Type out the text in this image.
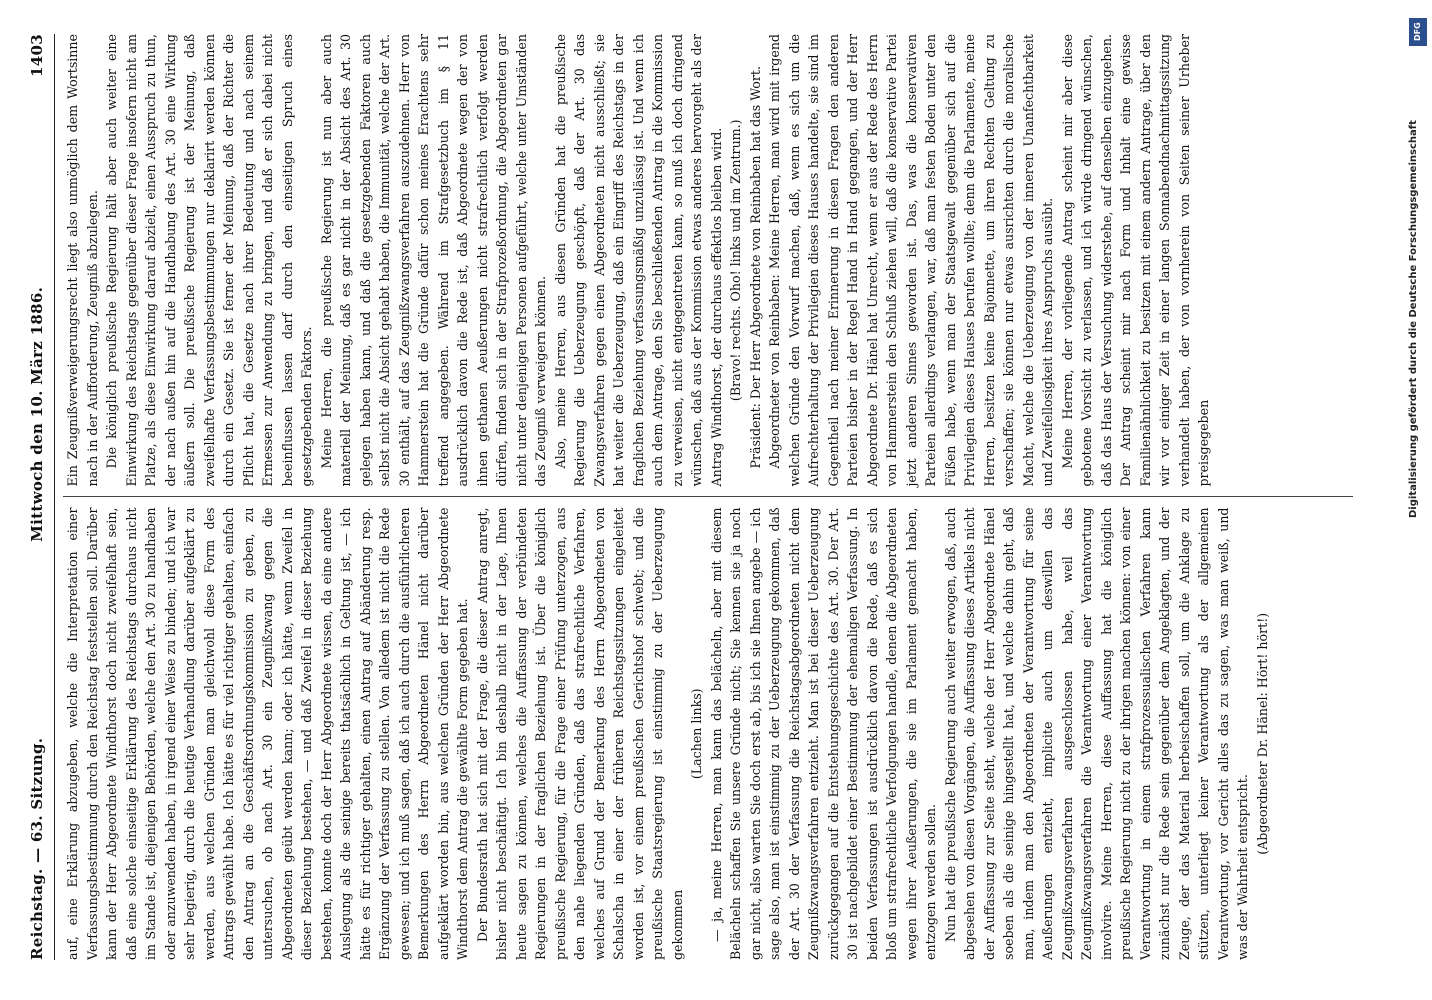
Reichstag. — 63. Sitzung.
Mittwoch den 10. März 1886.
1403

auf, eine Erklärung abzugeben, welche die Interpretation einer Verfassungsbestimmung durch den Reichstag feststellen soll. Darüber kann der Herr Abgeordnete Windthorst doch nicht zweifelhaft sein, daß eine solche einseitige Erklärung des Reichstags durchaus nicht im Stande ist, diejenigen Behörden, welche den Art. 30 zu handhaben oder anzuwenden haben, in irgend einer Weise zu binden; und ich war sehr begierig, durch die heutige Verhandlung darüber aufgeklärt zu werden, aus welchen Gründen man gleichwohl diese Form des Antrags gewählt habe. Ich hätte es für viel richtiger gehalten, einfach den Antrag an die Geschäftsordnungskommission zu geben, zu untersuchen, ob nach Art. 30 ein Zeugnißzwang gegen die Abgeordneten geübt werden kann; oder ich hätte, wenn Zweifel in dieser Beziehung bestehen, — und daß Zweifel in dieser Beziehung bestehen, konnte doch der Herr Abgeordnete wissen, da eine andere Auslegung als die seinige bereits thatsächlich in Geltung ist, — ich hätte es für richtiger gehalten, einen Antrag auf Abänderung resp. Ergänzung der Verfassung zu stellen. Von alledem ist nicht die Rede gewesen; und ich muß sagen, daß ich auch durch die ausführlicheren Bemerkungen des Herrn Abgeordneten Hänel nicht darüber aufgeklärt worden bin, aus welchen Gründen der Herr Abgeordnete Windthorst dem Antrag die gewählte Form gegeben hat. Der Bundesrath hat sich mit der Frage, die dieser Antrag anregt, bisher nicht beschäftigt. Ich bin deshalb nicht in der Lage, Ihnen heute sagen zu können, welches die Auffassung der verbündeten Regierungen in der fraglichen Beziehung ist. Über die königlich preußische Regierung, für die Frage einer Prüfung unterzogen, aus den nahe liegenden Gründen, daß das strafrechtliche Verfahren, welches auf Grund der Bemerkung des Herrn Abgeordneten von Schalscha in einer der früheren Reichstagssitzungen eingeleitet worden ist, vor einem preußischen Gerichtshof schwebt; und die preußische Staatsregierung ist einstimmig zu der Ueberzeugung gekommen

(Lachen links) — ja, meine Herren, man kann das belächeln, aber mit diesem Belächeln schaffen Sie unsere Gründe nicht; Sie kennen sie ja noch gar nicht, also warten Sie doch erst ab, bis ich sie Ihnen angebe — ich sage also, man ist einstimmig zu der Ueberzeugung gekommen, daß der Art. 30 der Verfassung die Reichstagsabgeordneten nicht dem Zeugnißzwangsverfahren entzieht. Man ist bei dieser Ueberzeugung zurückgegangen auf die Entstehungsgeschichte des Art. 30. Der Art. 30 ist nachgebildet einer Bestimmung der ehemaligen Verfassung. In beiden Verfassungen ist ausdrücklich davon die Rede, daß es sich bloß um strafrechtliche Verfolgungen handle, denen die Abgeordneten wegen ihrer Aeußerungen, die sie im Parlament gemacht haben, entzogen werden sollen. Nun hat die preußische Regierung auch weiter erwogen, daß, auch abgesehen von diesen Vorgängen, die Auffassung dieses Artikels nicht der Auffassung zur Seite steht, welche der Herr Abgeordnete Hänel soeben als die seinige hingestellt hat, und welche dahin geht, daß man, indem man den Abgeordneten der Verantwortung für seine Aeußerungen entzieht, implicite auch um deswillen das Zeugnißzwangsverfahren ausgeschlossen habe, weil das Zeugnißzwangsverfahren die Verantwortung einer Verantwortung involvire. Meine Herren, diese Auffassung hat die königlich preußische Regierung nicht zu der ihrigen machen können: von einer Verantwortung in einem strafprozessualischen Verfahren kann zunächst nur die Rede sein gegenüber dem Angeklagten, und der Zeuge, der das Material herbeischaffen soll, um die Anklage zu stützen, unterliegt keiner Verantwortung als der allgemeinen Verantwortung, vor Gericht alles das zu sagen, was man weiß, und was der Wahrheit entspricht.

(Abgeordneter Dr. Hänel: Hört! hört!)

Ein Zeugnißverweigerungsrecht liegt also unmöglich dem Wortsinne nach in der Aufforderung, Zeugniß abzulegen. Die königlich preußische Regierung hält aber auch weiter eine Einwirkung des Reichstags gegenüber dieser Frage insofern nicht am Platze, als diese Einwirkung darauf abzielt, einen Ausspruch zu thun, der nach außen hin auf die Handhabung des Art. 30 eine Wirkung äußern soll. Die preußische Regierung ist der Meinung, daß zweifelhafte Verfassungsbestimmungen nur deklarirt werden können durch ein Gesetz. Sie ist ferner der Meinung, daß der Richter die Pflicht hat, die Gesetze nach ihrer Bedeutung und nach seinem Ermessen zur Anwendung zu bringen, und daß er sich dabei nicht beeinflussen lassen darf durch den einseitigen Spruch eines gesetzgebenden Faktors. Meine Herren, die preußische Regierung ist nun aber auch materiell der Meinung, daß es gar nicht in der Absicht des Art. 30 gelegen haben kann, und daß die gesetzgebenden Faktoren auch selbst nicht die Absicht gehabt haben, die Immunität, welche der Art. 30 enthält, auf das Zeugnißzwangsverfahren auszudehnen. Herr von Hammerstein hat die Gründe dafür schon meines Erachtens sehr treffend angegeben. Während im Strafgesetzbuch im § 11 ausdrücklich davon die Rede ist, daß Abgeordnete wegen der von ihnen gethanen Aeußerungen nicht strafrechtlich verfolgt werden dürfen, finden sich in der Strafprozeßordnung, die Abgeordneten gar nicht unter denjenigen Personen aufgeführt, welche unter Umständen das Zeugniß verweigern können. Also, meine Herren, aus diesen Gründen hat die preußische Regierung die Ueberzeugung geschöpft, daß der Art. 30 das Zwangsverfahren gegen einen Abgeordneten nicht ausschließt; sie hat weiter die Ueberzeugung, daß ein Eingriff des Reichstags in der fraglichen Beziehung verfassungsmäßig unzulässig ist. Und wenn ich auch dem Antrage, den Sie beschließenden Antrag in die Kommission zu verweisen, nicht entgegentreten kann, so muß ich doch dringend wünschen, daß aus der Kommission etwas anderes hervorgeht als der Antrag Windthorst, der durchaus effektlos bleiben wird. (Bravo! rechts. Oho! links und im Zentrum.) Präsident: Der Herr Abgeordnete von Reinbaben hat das Wort. Abgeordneter von Reinbaben: Meine Herren, man wird mit irgend welchen Gründe den Vorwurf machen, daß, wenn es sich um die Aufrechterhaltung der Privilegien dieses Hauses handelte, sie sind im Gegentheil nach meiner Erinnerung in diesen Fragen den anderen Parteien bisher in der Regel Hand in Hand gegangen, und der Herr Abgeordnete Dr. Hänel hat Unrecht, wenn er aus der Rede des Herrn von Hammerstein den Schluß ziehen will, daß die konservative Partei jetzt anderen Sinnes geworden ist. Das, was die konservativen Parteien allerdings verlangen, war, daß man festen Boden unter den Füßen habe, wenn man der Staatsgewalt gegenüber sich auf die Privilegien dieses Hauses berufen wollte; denn die Parlamente, meine Herren, besitzen keine Bajonnette, um ihren Rechten Geltung zu verschaffen; sie können nur etwas ausrichten durch die moralische Macht, welche die Ueberzeugung von der inneren Unanfechtbarkeit und Zweifellosigkeit ihres Anspruchs ausübt. Meine Herren, der vorliegende Antrag scheint mir aber diese gebotene Vorsicht zu verlassen, und ich würde dringend wünschen, daß das Haus der Versuchung widerstehe, auf denselben einzugehen. Der Antrag scheint mir nach Form und Inhalt eine gewisse Familienähnlichkeit zu besitzen mit einem andern Antrage, über den wir vor einiger Zeit in einer langen Sonnabendnachmittagssitzung verhandelt haben, der von vornherein von Seiten seiner Urheber preisgegeben

DFG
Digitalisierung gefördert durch die Deutsche Forschungsgemeinschaft
